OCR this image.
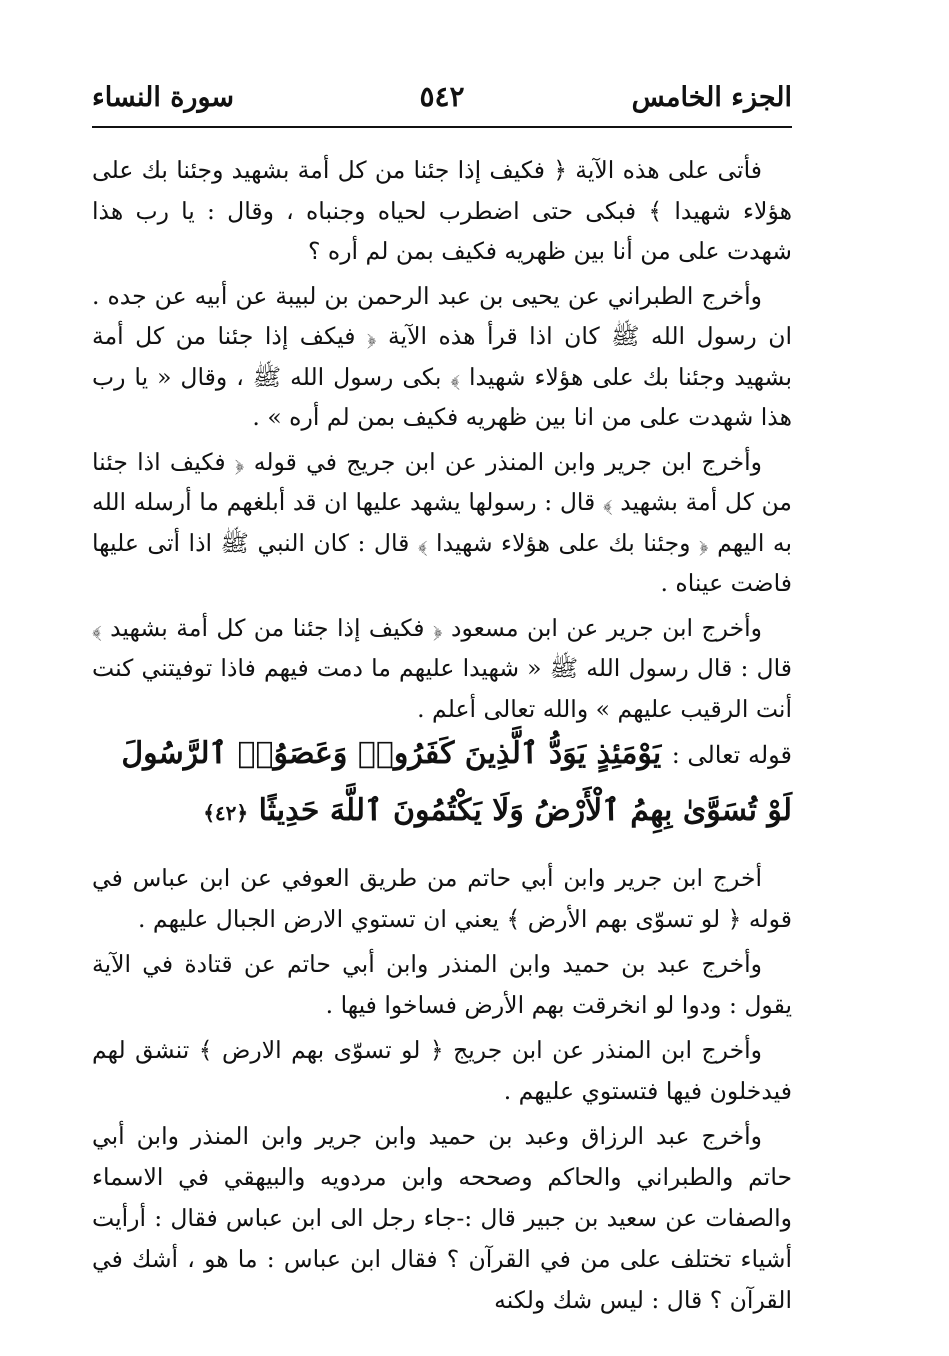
الجزء الخامس
٥٤٢
سورة النساء

فأتى على هذه الآية ﴿ فكيف إذا جئنا من كل أمة بشهيد وجئنا بك على هؤلاء شهيدا ﴾ فبكى حتى اضطرب لحياه وجنباه ، وقال : يا رب هذا شهدت على من أنا بين ظهريه فكيف بمن لم أره ؟

وأخرج الطبراني عن يحيى بن عبد الرحمن بن لبيبة عن أبيه عن جده . ان رسول الله ﷺ كان اذا قرأ هذه الآية ﴿ فيكف إذا جئنا من كل أمة بشهيد وجئنا بك على هؤلاء شهيدا ﴾ بكى رسول الله ﷺ ، وقال « يا رب هذا شهدت على من انا بين ظهريه فكيف بمن لم أره » .

وأخرج ابن جرير وابن المنذر عن ابن جريج في قوله ﴿ فكيف اذا جئنا من كل أمة بشهيد ﴾ قال : رسولها يشهد عليها ان قد أبلغهم ما أرسله الله به اليهم ﴿ وجئنا بك على هؤلاء شهيدا ﴾ قال : كان النبي ﷺ اذا أتى عليها فاضت عيناه .

وأخرج ابن جرير عن ابن مسعود ﴿ فكيف إذا جئنا من كل أمة بشهيد ﴾ قال : قال رسول الله ﷺ « شهيدا عليهم ما دمت فيهم فاذا توفيتني كنت أنت الرقيب عليهم » والله تعالى أعلم .

قوله تعالى : يَوْمَئِذٍ يَوَدُّ ٱلَّذِينَ كَفَرُوا۟ وَعَصَوُا۟ ٱلرَّسُولَ لَوْ تُسَوَّىٰ بِهِمُ ٱلْأَرْضُ وَلَا يَكْتُمُونَ ٱللَّهَ حَدِيثًا ﴿٤٢﴾

أخرج ابن جرير وابن أبي حاتم من طريق العوفي عن ابن عباس في قوله ﴿ لو تسوّى بهم الأرض ﴾ يعني ان تستوي الارض الجبال عليهم .

وأخرج عبد بن حميد وابن المنذر وابن أبي حاتم عن قتادة في الآية يقول : ودوا لو انخرقت بهم الأرض فساخوا فيها .

وأخرج ابن المنذر عن ابن جريج ﴿ لو تسوّى بهم الارض ﴾ تنشق لهم فيدخلون فيها فتستوي عليهم .

وأخرج عبد الرزاق وعبد بن حميد وابن جرير وابن المنذر وابن أبي حاتم والطبراني والحاكم وصححه وابن مردويه والبيهقي في الاسماء والصفات عن سعيد بن جبير قال :-جاء رجل الى ابن عباس فقال : أرأيت أشياء تختلف على من في القرآن ؟ فقال ابن عباس : ما هو ، أشك في القرآن ؟ قال : ليس شك ولكنه
